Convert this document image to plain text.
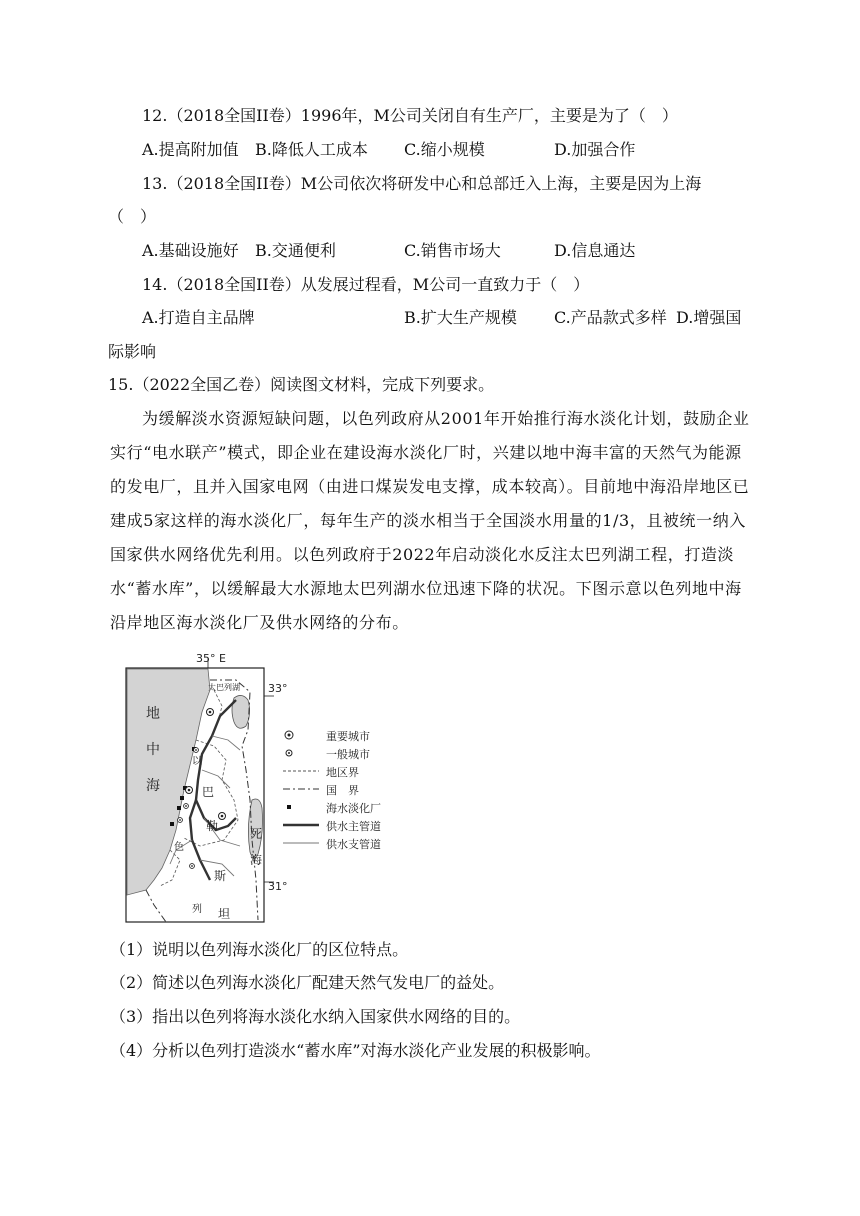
12.（2018全国II卷）1996年，M公司关闭自有生产厂，主要是为了（　）
A.提高附加值 B.降低人工成本 C.缩小规模	D.加强合作
13.（2018全国II卷）M公司依次将研发中心和总部迁入上海，主要是因为上海
（　）
A.基础设施好 B.交通便利	C.销售市场大	D.信息通达
14.（2018全国II卷）从发展过程看，M公司一直致力于（　）
A.打造自主品牌	B.扩大生产规模 C.产品款式多样 D.增强国
际影响
15.（2022全国乙卷）阅读图文材料，完成下列要求。
为缓解淡水资源短缺问题，以色列政府从2001年开始推行海水淡化计划，鼓励企业实行“电水联产”模式，即企业在建设海水淡化厂时，兴建以地中海丰富的天然气为能源的发电厂，且并入国家电网（由进口煤炭发电支撑，成本较高）。目前地中海沿岸地区已建成5家这样的海水淡化厂，每年生产的淡水相当于全国淡水用量的1/3，且被统一纳入国家供水网络优先利用。以色列政府于2022年启动淡化水反注太巴列湖工程，打造淡水“蓄水库”，以缓解最大水源地太巴列湖水位迅速下降的状况。下图示意以色列地中海沿岸地区海水淡化厂及供水网络的分布。
35° E
33°
31°
地
中
海
太巴列湖
死
海
巴
勒
斯
坦
以
色
列
重要城市
一般城市
地区界
国　界
海水淡化厂
供水主管道
供水支管道
（1）说明以色列海水淡化厂的区位特点。
（2）简述以色列海水淡化厂配建天然气发电厂的益处。
（3）指出以色列将海水淡化水纳入国家供水网络的目的。
（4）分析以色列打造淡水“蓄水库”对海水淡化产业发展的积极影响。
